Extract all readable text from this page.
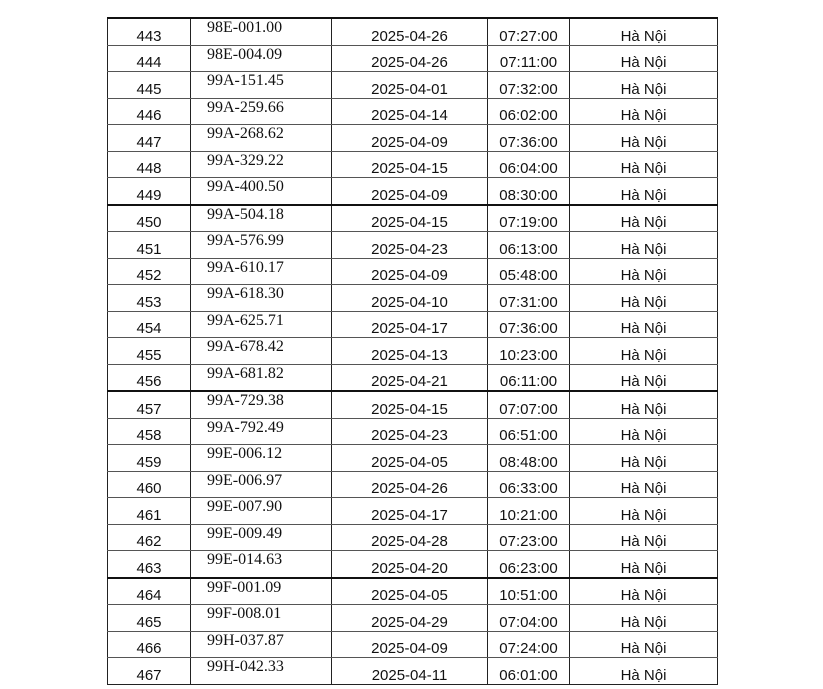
443	98E-001.00	2025-04-26	07:27:00	Hà Nội
444	98E-004.09	2025-04-26	07:11:00	Hà Nội
445	99A-151.45	2025-04-01	07:32:00	Hà Nội
446	99A-259.66	2025-04-14	06:02:00	Hà Nội
447	99A-268.62	2025-04-09	07:36:00	Hà Nội
448	99A-329.22	2025-04-15	06:04:00	Hà Nội
449	99A-400.50	2025-04-09	08:30:00	Hà Nội
450	99A-504.18	2025-04-15	07:19:00	Hà Nội
451	99A-576.99	2025-04-23	06:13:00	Hà Nội
452	99A-610.17	2025-04-09	05:48:00	Hà Nội
453	99A-618.30	2025-04-10	07:31:00	Hà Nội
454	99A-625.71	2025-04-17	07:36:00	Hà Nội
455	99A-678.42	2025-04-13	10:23:00	Hà Nội
456	99A-681.82	2025-04-21	06:11:00	Hà Nội
457	99A-729.38	2025-04-15	07:07:00	Hà Nội
458	99A-792.49	2025-04-23	06:51:00	Hà Nội
459	99E-006.12	2025-04-05	08:48:00	Hà Nội
460	99E-006.97	2025-04-26	06:33:00	Hà Nội
461	99E-007.90	2025-04-17	10:21:00	Hà Nội
462	99E-009.49	2025-04-28	07:23:00	Hà Nội
463	99E-014.63	2025-04-20	06:23:00	Hà Nội
464	99F-001.09	2025-04-05	10:51:00	Hà Nội
465	99F-008.01	2025-04-29	07:04:00	Hà Nội
466	99H-037.87	2025-04-09	07:24:00	Hà Nội
467	99H-042.33	2025-04-11	06:01:00	Hà Nội
